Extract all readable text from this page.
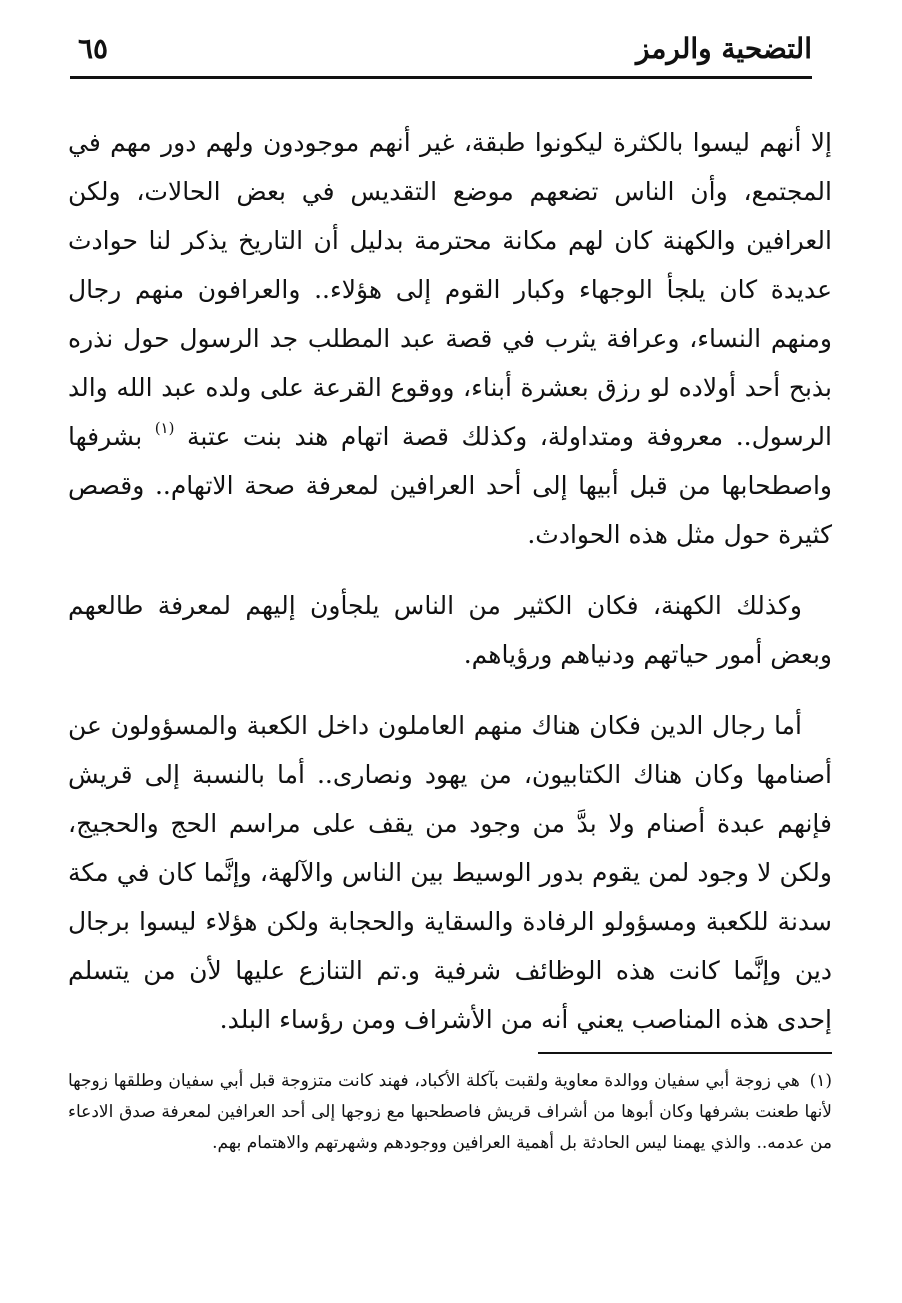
التضحية والرمز
٦٥

إلا أنهم ليسوا بالكثرة ليكونوا طبقة، غير أنهم موجودون ولهم دور مهم في المجتمع، وأن الناس تضعهم موضع التقديس في بعض الحالات، ولكن العرافين والكهنة كان لهم مكانة محترمة بدليل أن التاريخ يذكر لنا حوادث عديدة كان يلجأ الوجهاء وكبار القوم إلى هؤلاء.. والعرافون منهم رجال ومنهم النساء، وعرافة يثرب في قصة عبد المطلب جد الرسول حول نذره بذبح أحد أولاده لو رزق بعشرة أبناء، ووقوع القرعة على ولده عبد الله والد الرسول.. معروفة ومتداولة، وكذلك قصة اتهام هند بنت عتبة $^{(١)}$ بشرفها واصطحابها من قبل أبيها إلى أحد العرافين لمعرفة صحة الاتهام.. وقصص كثيرة حول مثل هذه الحوادث.

وكذلك الكهنة، فكان الكثير من الناس يلجأون إليهم لمعرفة طالعهم وبعض أمور حياتهم ودنياهم ورؤياهم.

أما رجال الدين فكان هناك منهم العاملون داخل الكعبة والمسؤولون عن أصنامها وكان هناك الكتابيون، من يهود ونصارى.. أما بالنسبة إلى قريش فإنهم عبدة أصنام ولا بدَّ من وجود من يقف على مراسم الحج والحجيج، ولكن لا وجود لمن يقوم بدور الوسيط بين الناس والآلهة، وإنَّما كان في مكة سدنة للكعبة ومسؤولو الرفادة والسقاية والحجابة ولكن هؤلاء ليسوا برجال دين وإنَّما كانت هذه الوظائف شرفية و.تم التنازع عليها لأن من يتسلم إحدى هذه المناصب يعني أنه من الأشراف ومن رؤساء البلد.

(١) هي زوجة أبي سفيان ووالدة معاوية ولقبت بآكلة الأكباد، فهند كانت متزوجة قبل أبي سفيان وطلقها زوجها لأنها طعنت بشرفها وكان أبوها من أشراف قريش فاصطحبها مع زوجها إلى أحد العرافين لمعرفة صدق الادعاء من عدمه.. والذي يهمنا ليس الحادثة بل أهمية العرافين ووجودهم وشهرتهم والاهتمام بهم.
